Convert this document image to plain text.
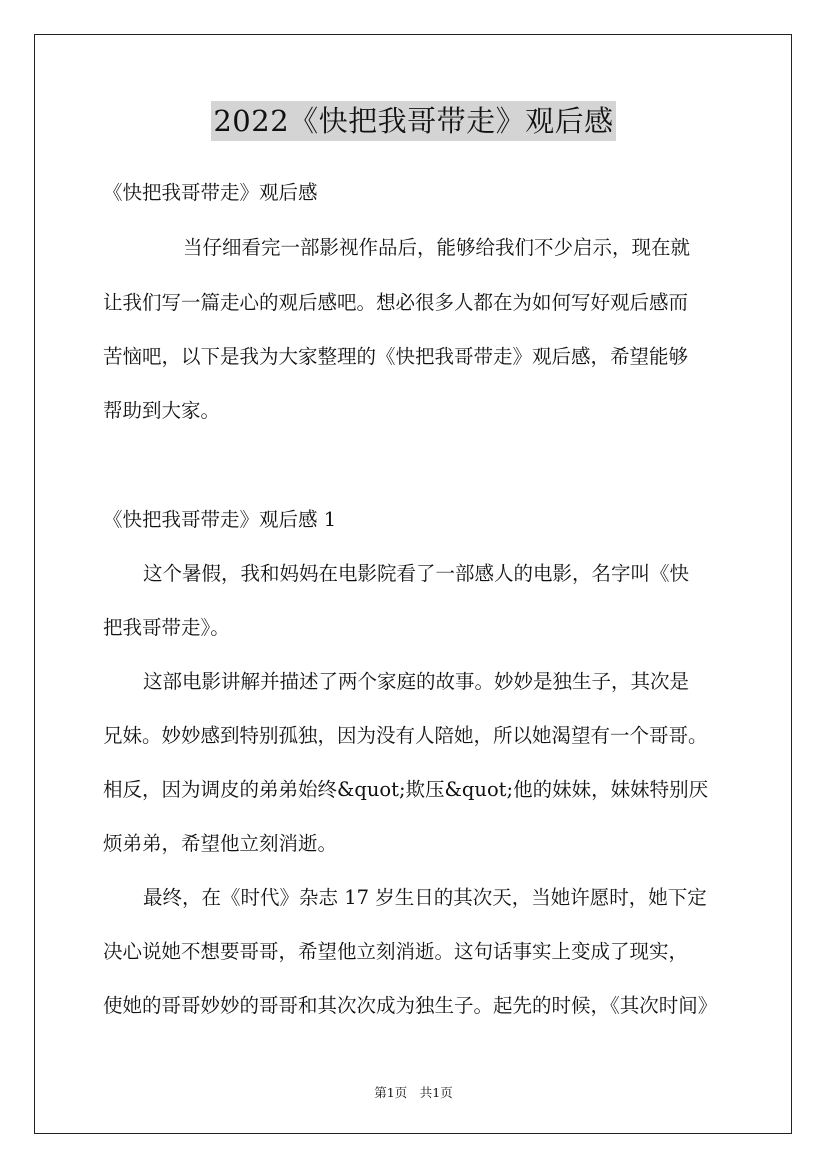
2022《快把我哥带走》观后感
《快把我哥带走》观后感
当仔细看完一部影视作品后，能够给我们不少启示，现在就
让我们写一篇走心的观后感吧。想必很多人都在为如何写好观后感而
苦恼吧，以下是我为大家整理的《快把我哥带走》观后感，希望能够
帮助到大家。
《快把我哥带走》观后感 1
这个暑假，我和妈妈在电影院看了一部感人的电影，名字叫《快
把我哥带走》。
这部电影讲解并描述了两个家庭的故事。妙妙是独生子，其次是
兄妹。妙妙感到特别孤独，因为没有人陪她，所以她渴望有一个哥哥。
相反，因为调皮的弟弟始终&quot;欺压&quot;他的妹妹，妹妹特别厌
烦弟弟，希望他立刻消逝。
最终，在《时代》杂志 17 岁生日的其次天，当她许愿时，她下定
决心说她不想要哥哥，希望他立刻消逝。这句话事实上变成了现实，
使她的哥哥妙妙的哥哥和其次次成为独生子。起先的时候，《其次时间》
第1页　共1页
